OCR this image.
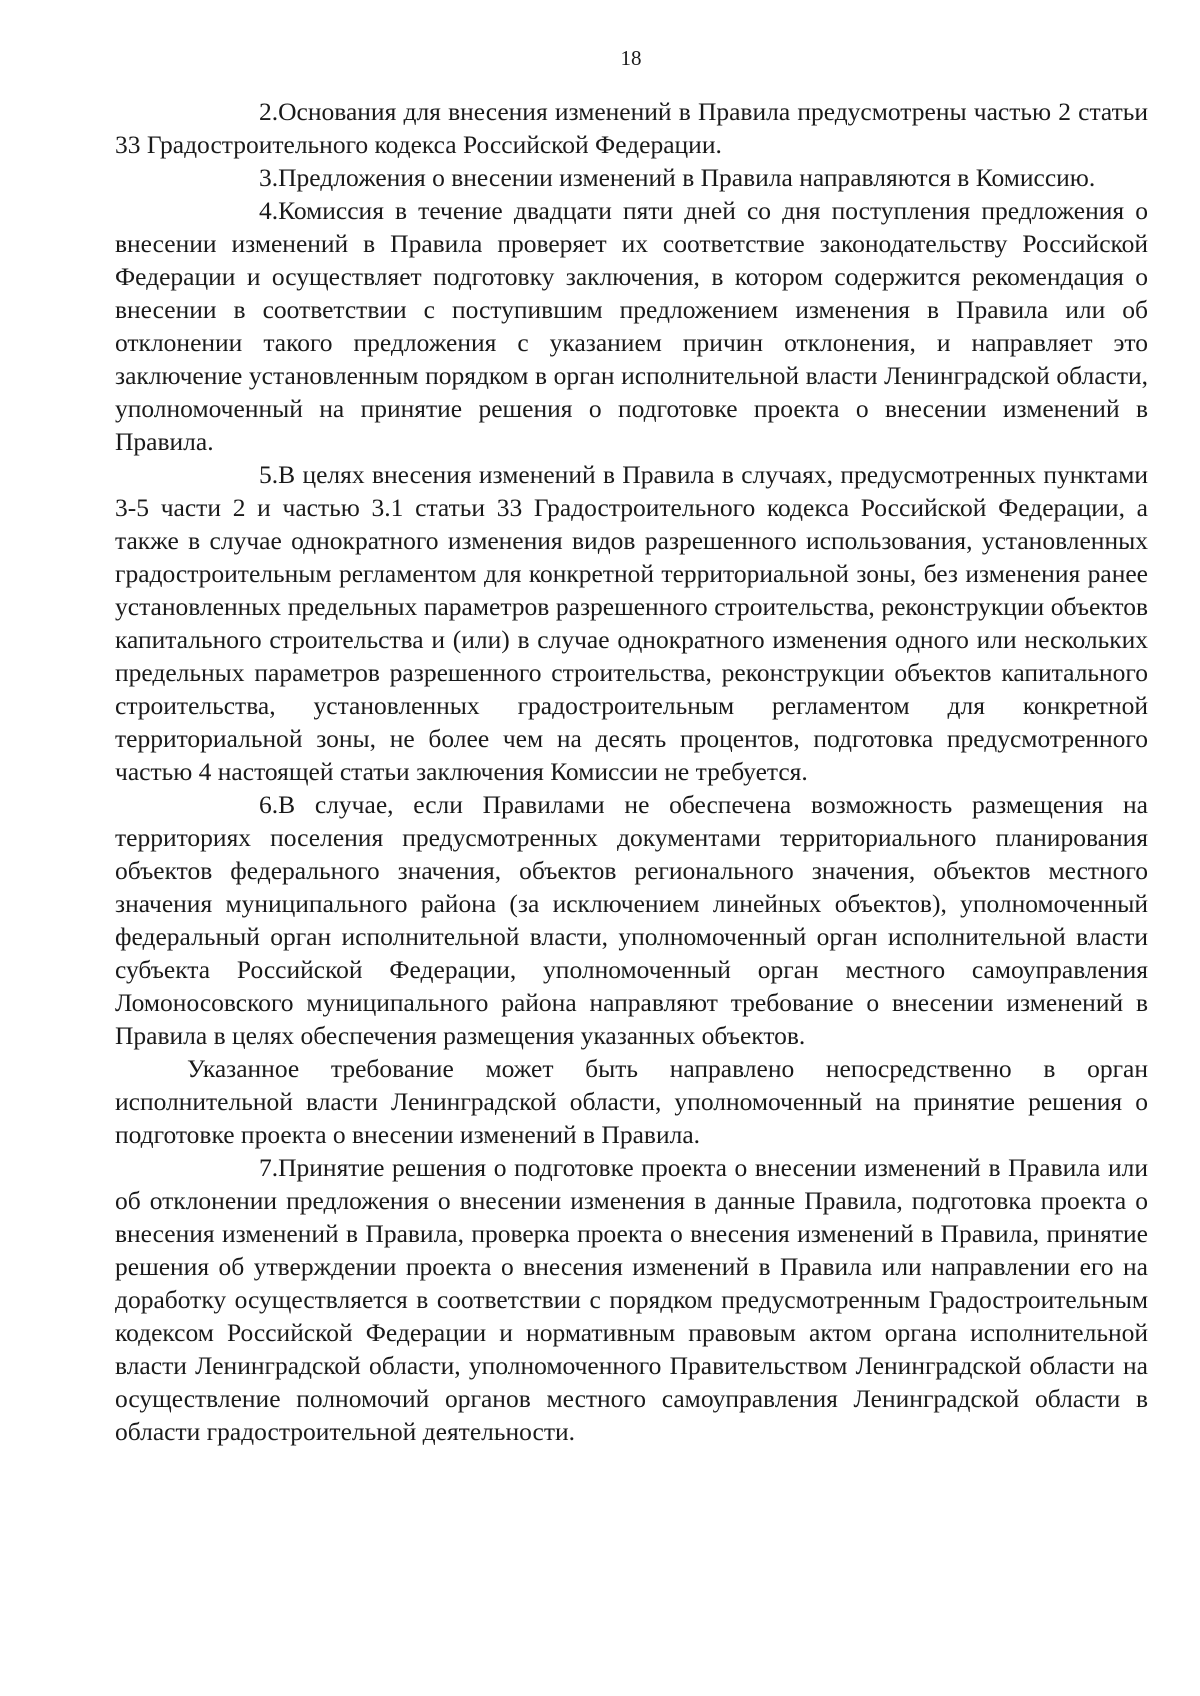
18

2.Основания для внесения изменений в Правила предусмотрены частью 2 статьи 33 Градостроительного кодекса Российской Федерации.

3.Предложения о внесении изменений в Правила направляются в Комиссию.

4.Комиссия в течение двадцати пяти дней со дня поступления предложения о внесении изменений в Правила проверяет их соответствие законодательству Российской Федерации и осуществляет подготовку заключения, в котором содержится рекомендация о внесении в соответствии с поступившим предложением изменения в Правила или об отклонении такого предложения с указанием причин отклонения, и направляет это заключение установленным порядком в орган исполнительной власти Ленинградской области, уполномоченный на принятие решения о подготовке проекта о внесении изменений в Правила.

5.В целях внесения изменений в Правила в случаях, предусмотренных пунктами 3-5 части 2 и частью 3.1 статьи 33 Градостроительного кодекса Российской Федерации, а также в случае однократного изменения видов разрешенного использования, установленных градостроительным регламентом для конкретной территориальной зоны, без изменения ранее установленных предельных параметров разрешенного строительства, реконструкции объектов капитального строительства и (или) в случае однократного изменения одного или нескольких предельных параметров разрешенного строительства, реконструкции объектов капитального строительства, установленных градостроительным регламентом для конкретной территориальной зоны, не более чем на десять процентов, подготовка предусмотренного частью 4 настоящей статьи заключения Комиссии не требуется.

6.В случае, если Правилами не обеспечена возможность размещения на территориях поселения предусмотренных документами территориального планирования объектов федерального значения, объектов регионального значения, объектов местного значения муниципального района (за исключением линейных объектов), уполномоченный федеральный орган исполнительной власти, уполномоченный орган исполнительной власти субъекта Российской Федерации, уполномоченный орган местного самоуправления Ломоносовского муниципального района направляют требование о внесении изменений в Правила в целях обеспечения размещения указанных объектов.

Указанное требование может быть направлено непосредственно в орган исполнительной власти Ленинградской области, уполномоченный на принятие решения о подготовке проекта о внесении изменений в Правила.

7.Принятие решения о подготовке проекта о внесении изменений в Правила или об отклонении предложения о внесении изменения в данные Правила, подготовка проекта о внесения изменений в Правила, проверка проекта о внесения изменений в Правила, принятие решения об утверждении проекта о внесения изменений в Правила или направлении его на доработку осуществляется в соответствии с порядком предусмотренным Градостроительным кодексом Российской Федерации и нормативным правовым актом органа исполнительной власти Ленинградской области, уполномоченного Правительством Ленинградской области на осуществление полномочий органов местного самоуправления Ленинградской области в области градостроительной деятельности.
